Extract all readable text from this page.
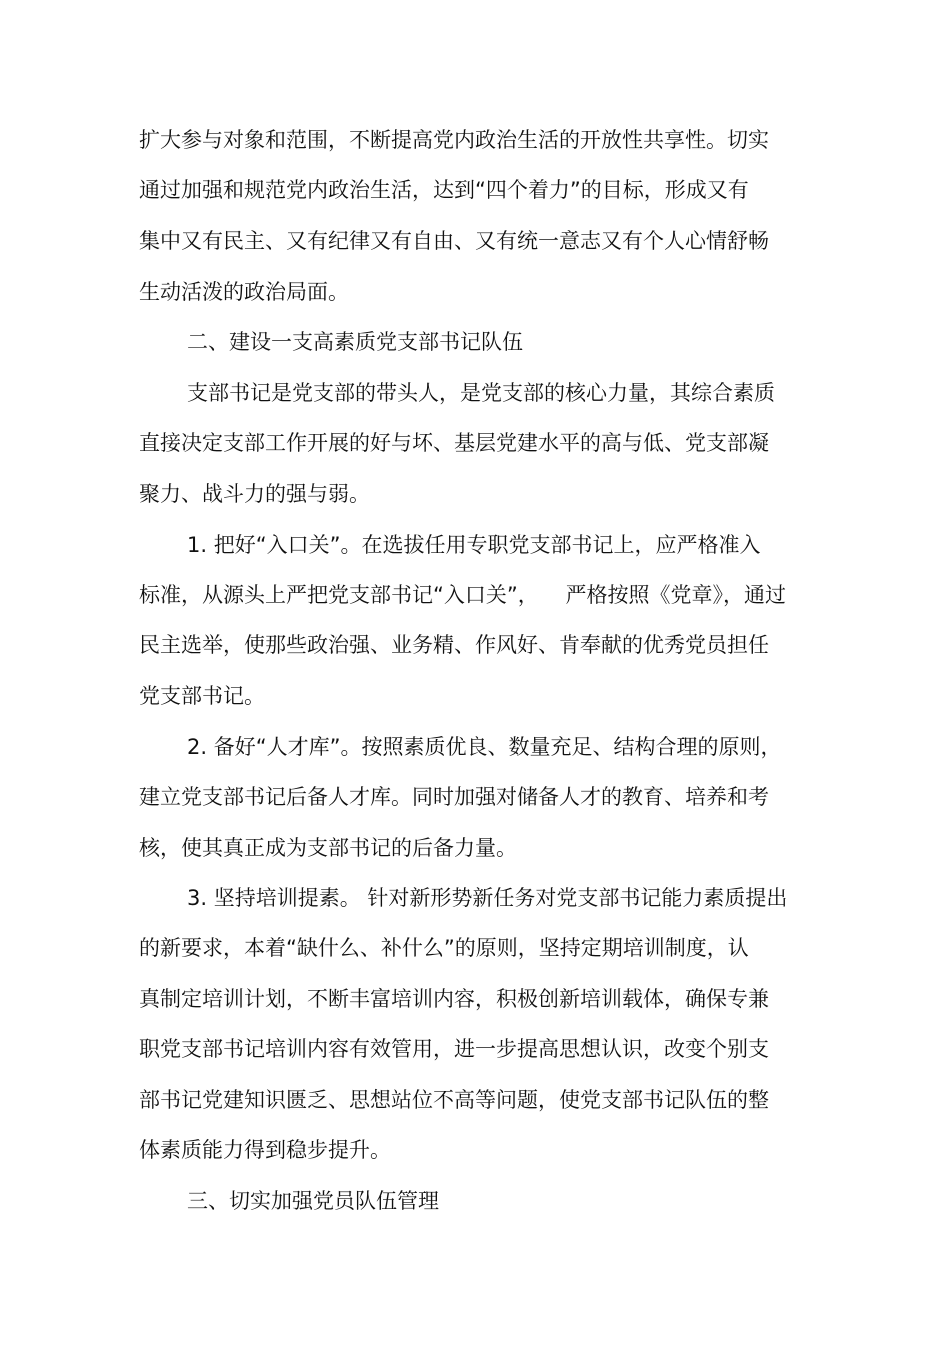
扩大参与对象和范围，不断提高党内政治生活的开放性共享性。切实
通过加强和规范党内政治生活，达到“四个着力”的目标，形成又有
集中又有民主、又有纪律又有自由、又有统一意志又有个人心情舒畅
生动活泼的政治局面。
二、建设一支高素质党支部书记队伍
支部书记是党支部的带头人，是党支部的核心力量，其综合素质
直接决定支部工作开展的好与坏、基层党建水平的高与低、党支部凝
聚力、战斗力的强与弱。
1. 把好“入口关”。在选拔任用专职党支部书记上，应严格准入
标准，从源头上严把党支部书记“入口关”，    严格按照《党章》，通过
民主选举，使那些政治强、业务精、作风好、肯奉献的优秀党员担任
党支部书记。
2. 备好“人才库”。按照素质优良、数量充足、结构合理的原则，
建立党支部书记后备人才库。同时加强对储备人才的教育、培养和考
核，使其真正成为支部书记的后备力量。
3. 坚持培训提素。 针对新形势新任务对党支部书记能力素质提出
的新要求，本着“缺什么、补什么”的原则，坚持定期培训制度，认
真制定培训计划，不断丰富培训内容，积极创新培训载体，确保专兼
职党支部书记培训内容有效管用，进一步提高思想认识，改变个别支
部书记党建知识匮乏、思想站位不高等问题，使党支部书记队伍的整
体素质能力得到稳步提升。
三、切实加强党员队伍管理
